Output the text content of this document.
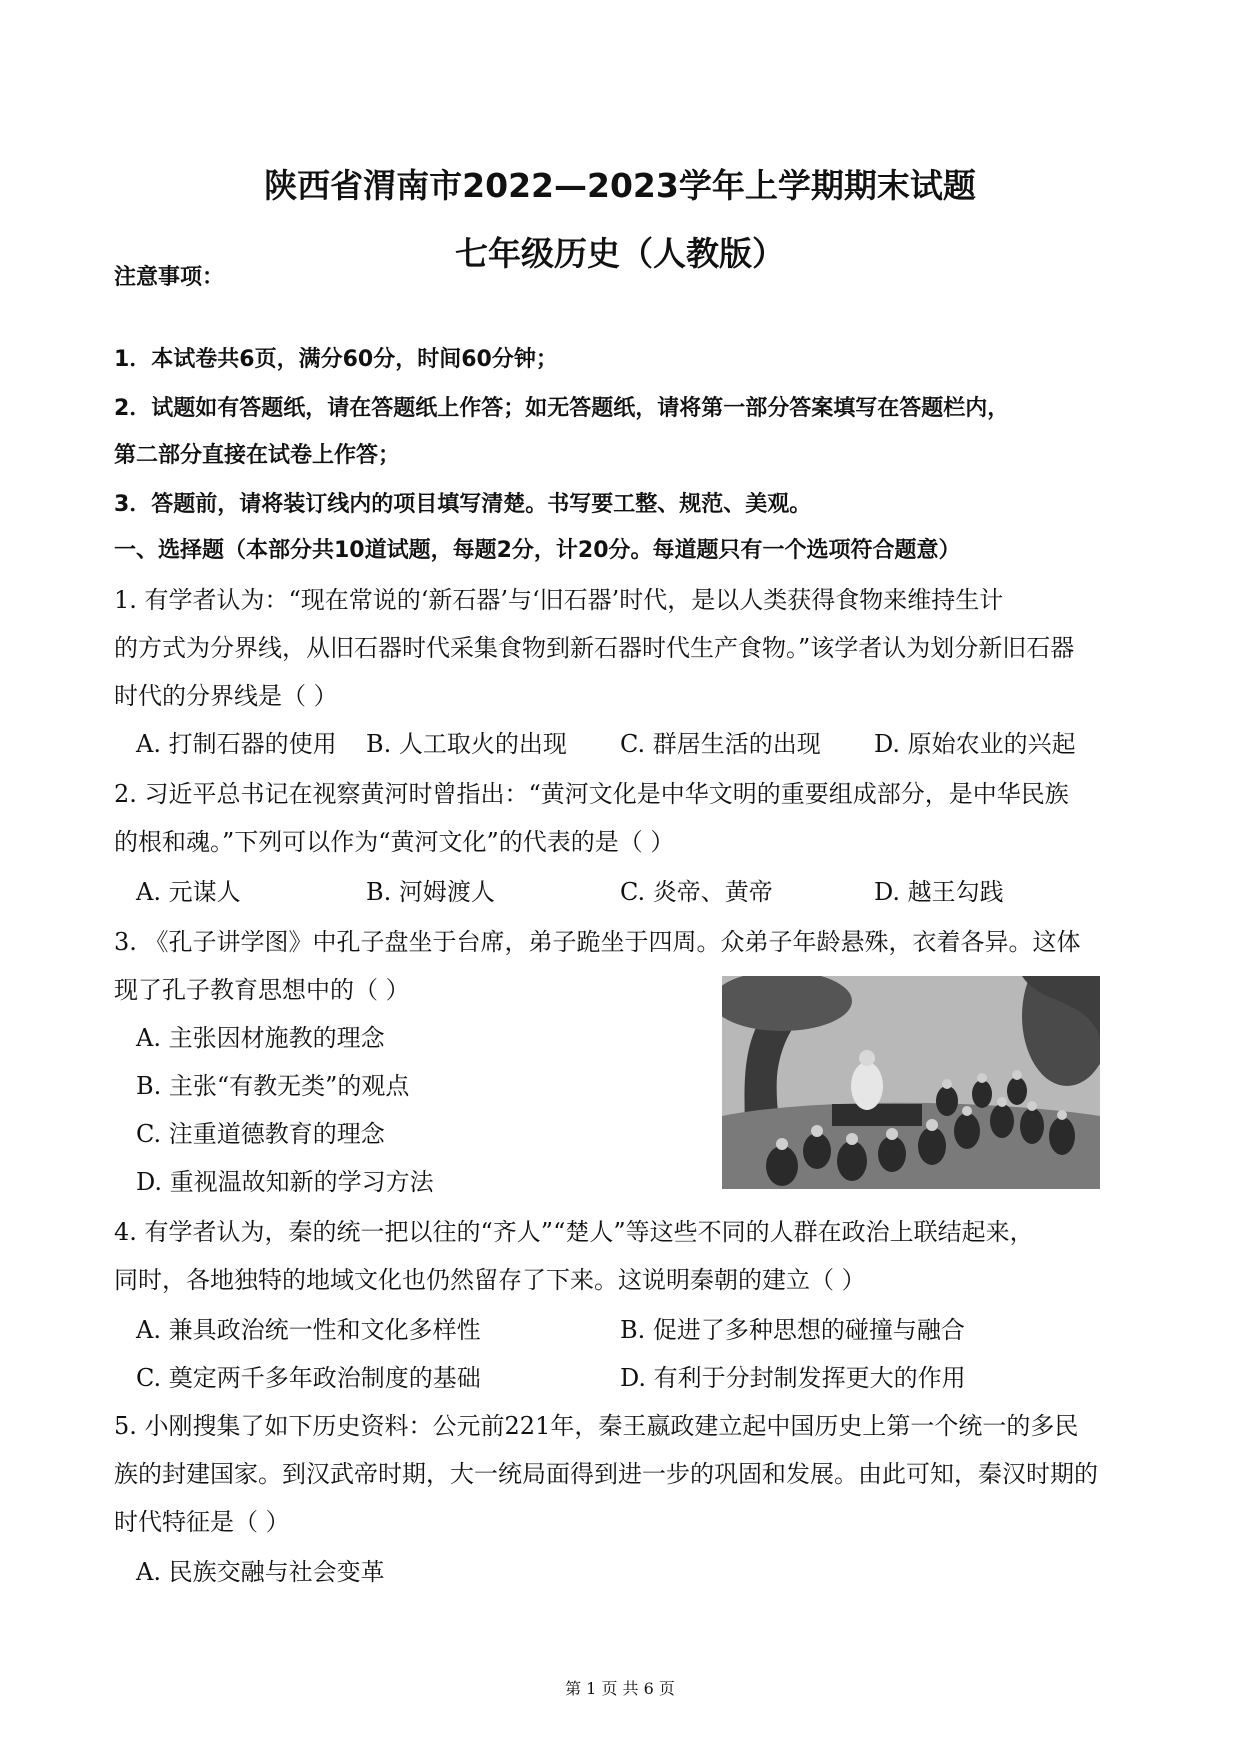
陕西省渭南市2022—2023学年上学期期末试题
七年级历史（人教版）
注意事项：
1．本试卷共6页，满分60分，时间60分钟；
2．试题如有答题纸，请在答题纸上作答；如无答题纸，请将第一部分答案填写在答题栏内，
第二部分直接在试卷上作答；
3．答题前，请将装订线内的项目填写清楚。书写要工整、规范、美观。
一、选择题（本部分共10道试题，每题2分，计20分。每道题只有一个选项符合题意）
1. 有学者认为：“现在常说的‘新石器’与‘旧石器’时代，是以人类获得食物来维持生计
的方式为分界线，从旧石器时代采集食物到新石器时代生产食物。”该学者认为划分新旧石器
时代的分界线是（ ）
A. 打制石器的使用 B. 人工取火的出现 C. 群居生活的出现 D. 原始农业的兴起
2. 习近平总书记在视察黄河时曾指出：“黄河文化是中华文明的重要组成部分，是中华民族
的根和魂。”下列可以作为“黄河文化”的代表的是（ ）
A. 元谋人	B. 河姆渡人	C. 炎帝、黄帝	D. 越王勾践
3. 《孔子讲学图》中孔子盘坐于台席，弟子跪坐于四周。众弟子年龄悬殊，衣着各异。这体
现了孔子教育思想中的（ ）
A. 主张因材施教的理念
B. 主张“有教无类”的观点
C. 注重道德教育的理念
D. 重视温故知新的学习方法
4. 有学者认为，秦的统一把以往的“齐人”“楚人”等这些不同的人群在政治上联结起来，
同时，各地独特的地域文化也仍然留存了下来。这说明秦朝的建立（ ）
A. 兼具政治统一性和文化多样性	B. 促进了多种思想的碰撞与融合
C. 奠定两千多年政治制度的基础	D. 有利于分封制发挥更大的作用
5. 小刚搜集了如下历史资料：公元前221年，秦王嬴政建立起中国历史上第一个统一的多民
族的封建国家。到汉武帝时期，大一统局面得到进一步的巩固和发展。由此可知，秦汉时期的
时代特征是（ ）
A. 民族交融与社会变革
第 1 页 共 6 页
